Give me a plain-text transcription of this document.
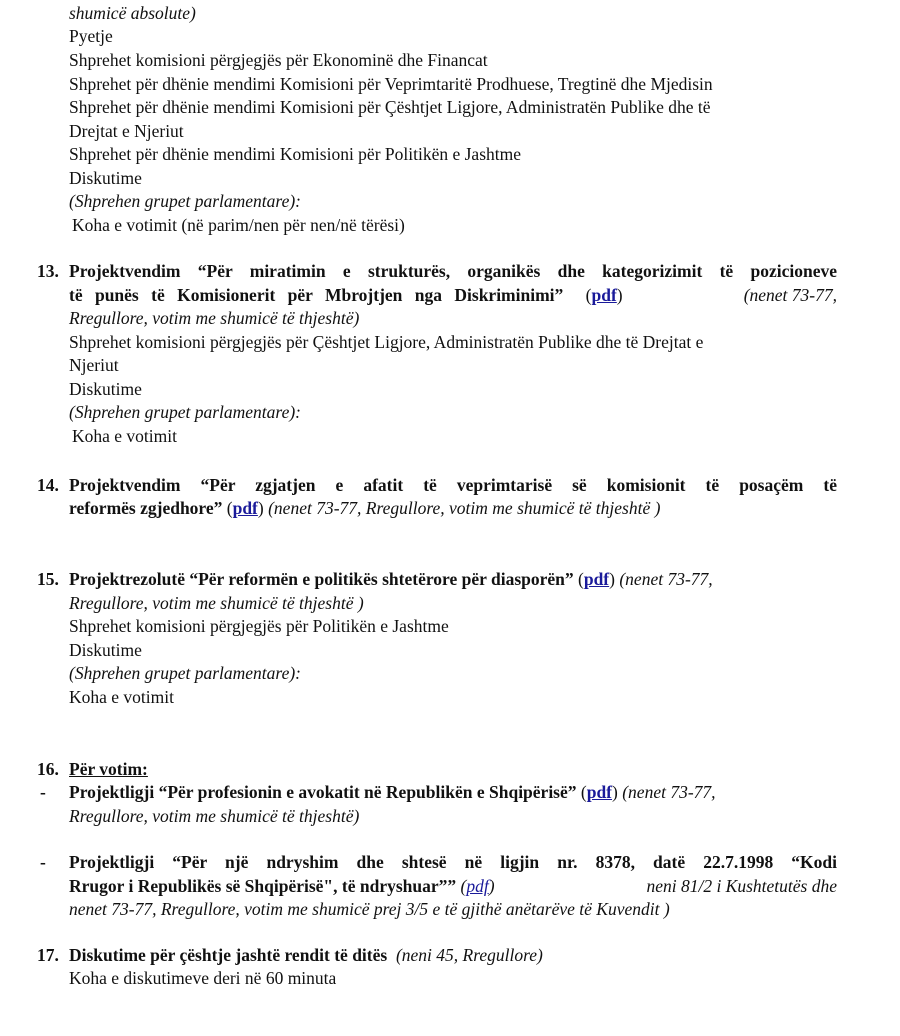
shumicë absolute)
Pyetje
Shprehet komisioni përgjegjës për Ekonominë dhe Financat
Shprehet për dhënie mendimi Komisioni për Veprimtaritë Prodhuese, Tregtinë dhe Mjedisin
Shprehet për dhënie mendimi Komisioni për Çështjet Ligjore, Administratën Publike dhe të
Drejtat e Njeriut
Shprehet për dhënie mendimi Komisioni për Politikën e Jashtme
Diskutime
(Shprehen grupet parlamentare):
Koha e votimit (në parim/nen për nen/në tërësi)
13. Projektvendim “Për miratimin e strukturës, organikës dhe kategorizimit të pozicioneve
të punës të Komisionerit për Mbrojtjen nga Diskriminimi” (pdf)	(nenet 73-77,
Rregullore, votim me shumicë të thjeshtë)
Shprehet komisioni përgjegjës për Çështjet Ligjore, Administratën Publike dhe të Drejtat e
Njeriut
Diskutime
(Shprehen grupet parlamentare):
Koha e votimit
14. Projektvendim “Për zgjatjen e afatit të veprimtarisë së komisionit të posaçëm të
reformës zgjedhore” (pdf) (nenet 73-77, Rregullore, votim me shumicë të thjeshtë )
15. Projektrezolutë “Për reformën e politikës shtetërore për diasporën” (pdf) (nenet 73-77,
Rregullore, votim me shumicë të thjeshtë )
Shprehet komisioni përgjegjës për Politikën e Jashtme
Diskutime
(Shprehen grupet parlamentare):
Koha e votimit
16. Për votim:
- Projektligji “Për profesionin e avokatit në Republikën e Shqipërisë” (pdf) (nenet 73-77,
Rregullore, votim me shumicë të thjeshtë)
- Projektligji “Për një ndryshim dhe shtesë në ligjin nr. 8378, datë 22.7.1998 “Kodi
Rrugor i Republikës së Shqipërisë", të ndryshuar”” (pdf)	neni 81/2 i Kushtetutës dhe
nenet 73-77, Rregullore, votim me shumicë prej 3/5 e të gjithë anëtarëve të Kuvendit )
17. Diskutime për çështje jashtë rendit të ditës (neni 45, Rregullore)
Koha e diskutimeve deri në 60 minuta
